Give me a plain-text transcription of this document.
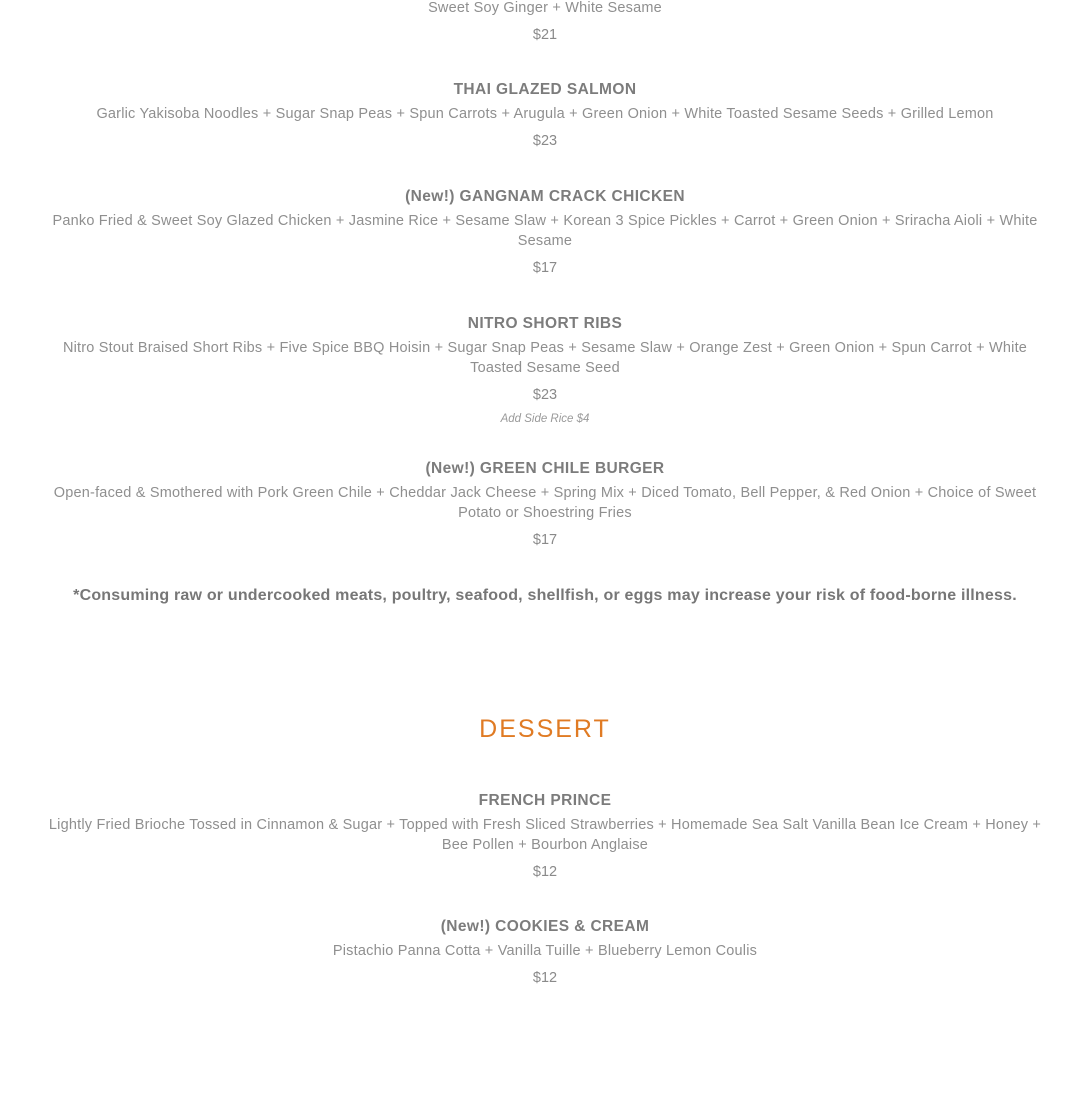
Sweet Soy Ginger + White Sesame
$21

THAI GLAZED SALMON

Garlic Yakisoba Noodles + Sugar Snap Peas + Spun Carrots + Arugula + Green Onion + White Toasted Sesame Seeds + Grilled Lemon

$23

(New!) GANGNAM CRACK CHICKEN

Panko Fried & Sweet Soy Glazed Chicken + Jasmine Rice + Sesame Slaw + Korean 3 Spice Pickles + Carrot + Green Onion + Sriracha Aioli + White Sesame

$17

NITRO SHORT RIBS

Nitro Stout Braised Short Ribs + Five Spice BBQ Hoisin + Sugar Snap Peas + Sesame Slaw + Orange Zest + Green Onion + Spun Carrot + White Toasted Sesame Seed

$23

Add Side Rice $4

(New!) GREEN CHILE BURGER

Open-faced & Smothered with Pork Green Chile + Cheddar Jack Cheese + Spring Mix + Diced Tomato, Bell Pepper, & Red Onion + Choice of Sweet Potato or Shoestring Fries

$17

*Consuming raw or undercooked meats, poultry, seafood, shellfish, or eggs may increase your risk of food-borne illness.
DESSERT

FRENCH PRINCE

Lightly Fried Brioche Tossed in Cinnamon & Sugar + Topped with Fresh Sliced Strawberries + Homemade Sea Salt Vanilla Bean Ice Cream + Honey + Bee Pollen + Bourbon Anglaise

$12

(New!) COOKIES & CREAM

Pistachio Panna Cotta + Vanilla Tuille + Blueberry Lemon Coulis

$12
